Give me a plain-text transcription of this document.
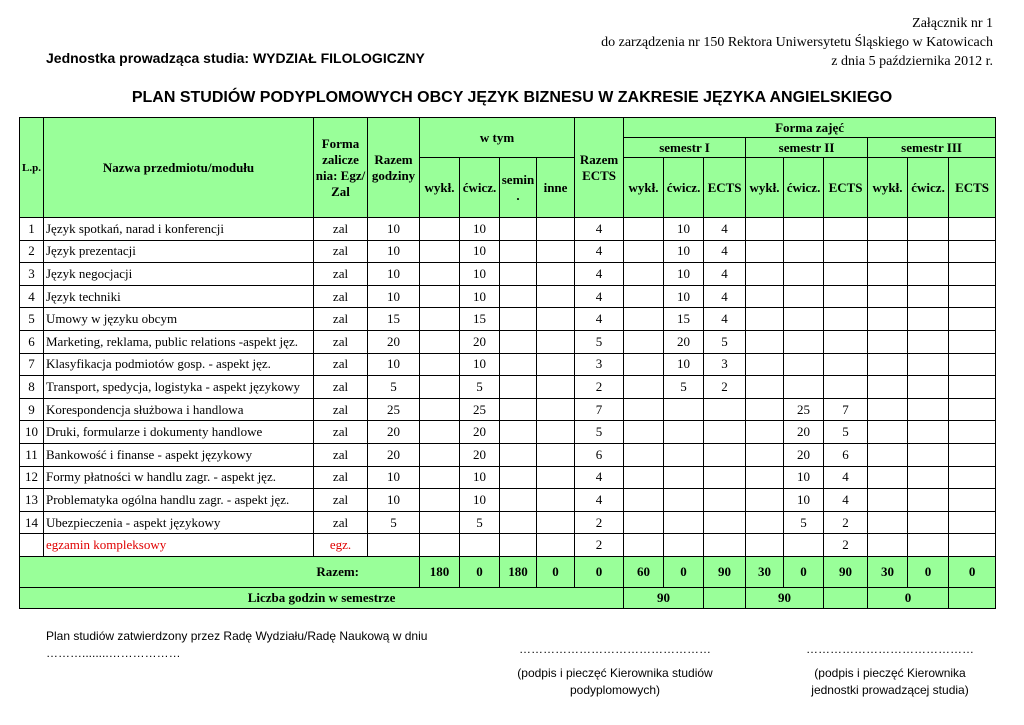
Załącznik nr 1
do zarządzenia nr 150 Rektora Uniwersytetu Śląskiego w Katowicach
z dnia 5 października 2012 r.
Jednostka prowadząca studia: WYDZIAŁ FILOLOGICZNY
PLAN STUDIÓW PODYPLOMOWYCH OBCY JĘZYK BIZNESU W ZAKRESIE JĘZYKA ANGIELSKIEGO
L.p.	Nazwa przedmiotu/modułu	Forma zalicze nia: Egz/ Zal	Razem godziny	w tym				Razem ECTS	Forma zajęć									
									semestr I			semestr II			semestr III			
				wykł.	ćwicz.	semin .	inne		wykł.	ćwicz.	ECTS	wykł.	ćwicz.	ECTS	wykł.	ćwicz.	ECTS	
1	Język spotkań, narad i konferencji	zal	10		10			4		10	4							
2	Język prezentacji	zal	10		10			4		10	4							
3	Język negocjacji	zal	10		10			4		10	4							
4	Język techniki	zal	10		10			4		10	4							
5	Umowy w języku obcym	zal	15		15			4		15	4							
6	Marketing, reklama, public relations -aspekt jęz.	zal	20		20			5		20	5							
7	Klasyfikacja podmiotów gosp. - aspekt jęz.	zal	10		10			3		10	3							
8	Transport, spedycja, logistyka - aspekt językowy	zal	5		5			2		5	2							
9	Korespondencja służbowa i handlowa	zal	25		25			7					25	7				
10	Druki, formularze i dokumenty handlowe	zal	20		20			5					20	5				
11	Bankowość i finanse - aspekt językowy	zal	20		20			6					20	6				
12	Formy płatności w handlu zagr. - aspekt jęz.	zal	10		10			4					10	4				
13	Problematyka ogólna handlu zagr. - aspekt jęz.	zal	10		10			4					10	4				
14	Ubezpieczenia - aspekt językowy	zal	5		5			2					5	2				
	egzamin kompleksowy	egz.						2						2				
Razem:				180	0	180	0	0	60	0	90	30	0	90	30	0	0	
Liczba godzin w semestrze									90			90			0			
Plan studiów zatwierdzony przez Radę Wydziału/Radę Naukową w dniu
………........………………	…………………………………………
(podpis i pieczęć Kierownika studiów
podyplomowych)
……………………………………
(podpis i pieczęć Kierownika
jednostki prowadzącej studia)
